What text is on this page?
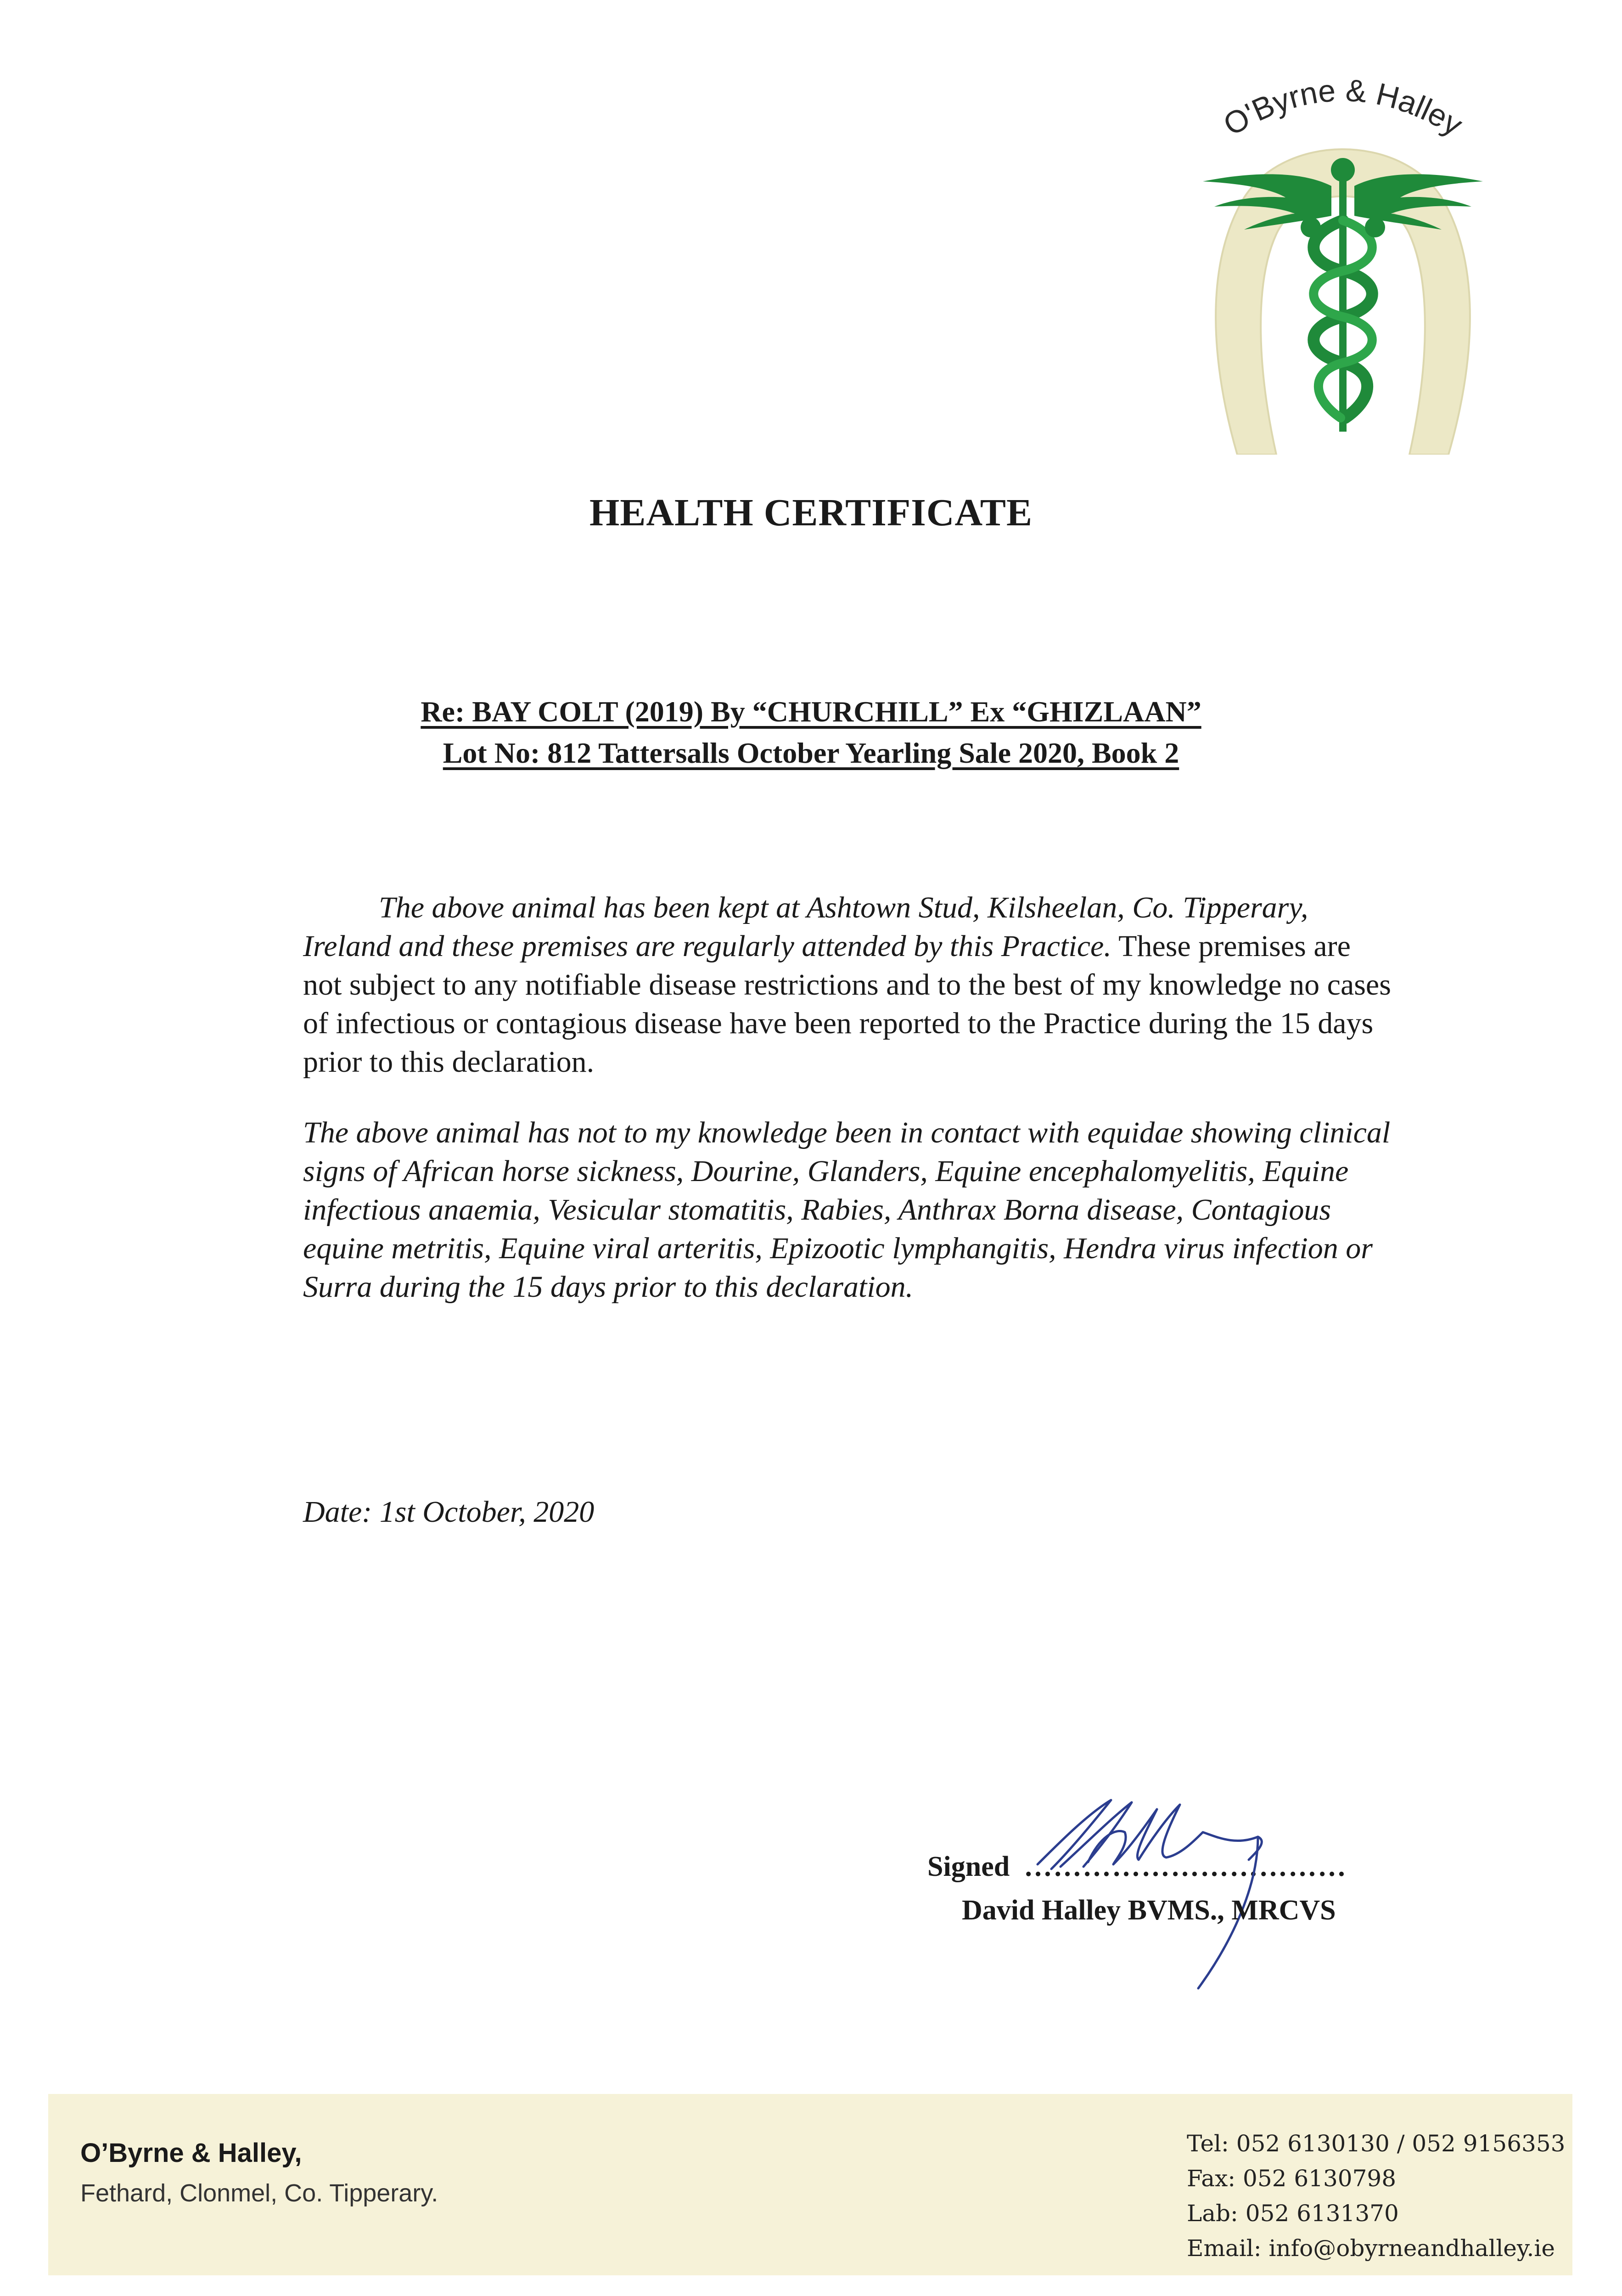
O'Byrne & Halley
HEALTH CERTIFICATE
Re: BAY COLT (2019) By “CHURCHILL” Ex “GHIZLAAN”
Lot No: 812 Tattersalls October Yearling Sale 2020, Book 2

The above animal has been kept at Ashtown Stud, Kilsheelan, Co. Tipperary, Ireland and these premises are regularly attended by this Practice. These premises are not subject to any notifiable disease restrictions and to the best of my knowledge no cases of infectious or contagious disease have been reported to the Practice during the 15 days prior to this declaration.

The above animal has not to my knowledge been in contact with equidae showing clinical signs of African horse sickness, Dourine, Glanders, Equine encephalomyelitis, Equine infectious anaemia, Vesicular stomatitis, Rabies, Anthrax Borna disease, Contagious equine metritis, Equine viral arteritis, Epizootic lymphangitis, Hendra virus infection or Surra during the 15 days prior to this declaration.

Date: 1st October, 2020

Signed ……………………………
David Halley BVMS., MRCVS
O’Byrne & Halley,
Fethard, Clonmel, Co. Tipperary.
Tel: 052 6130130 / 052 9156353
Fax: 052 6130798
Lab: 052 6131370
Email: info@obyrneandhalley.ie
